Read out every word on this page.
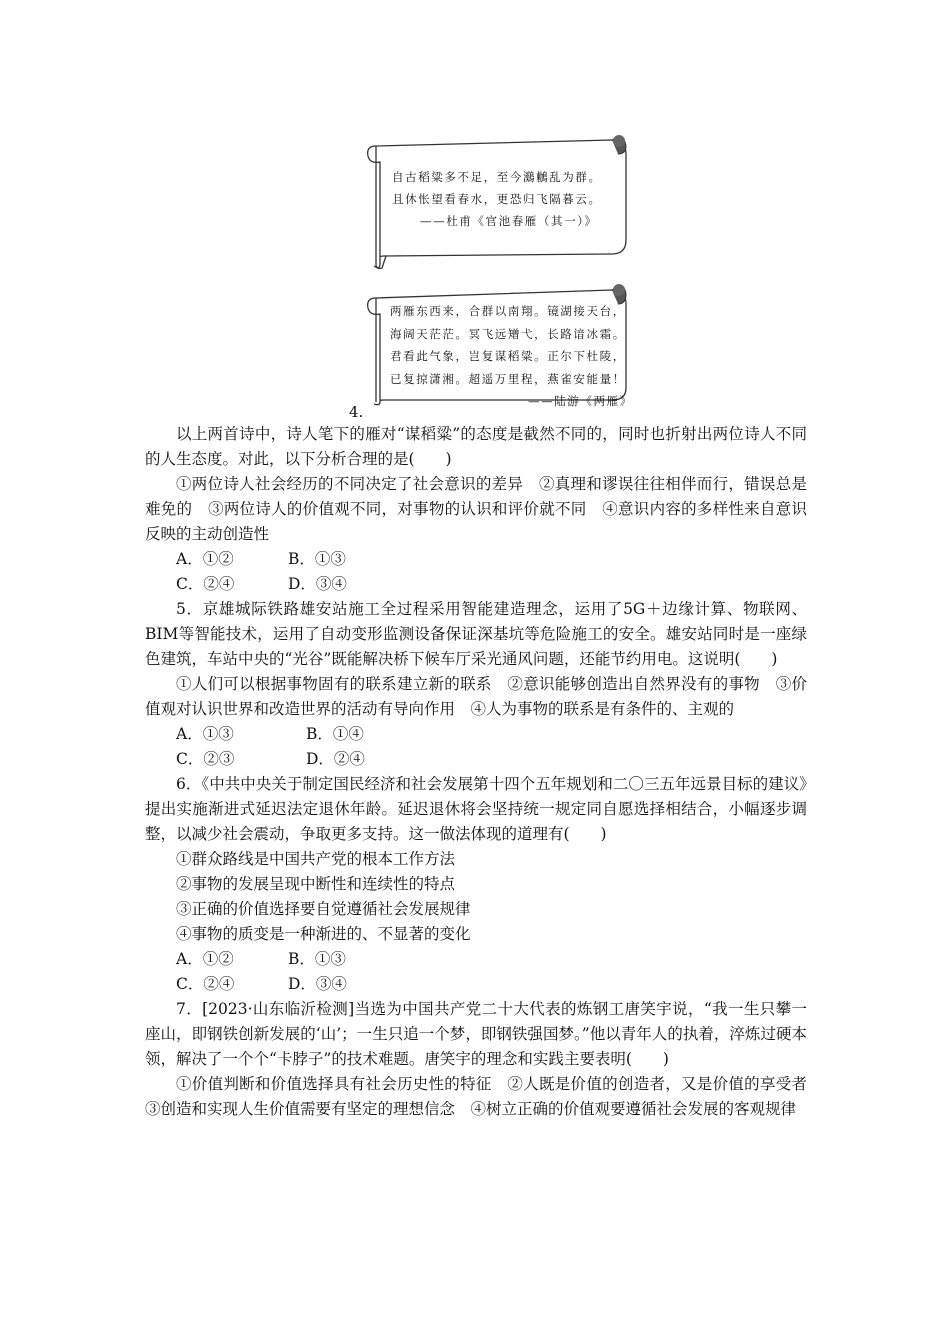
自古稻粱多不足，至今鸂鶒乱为群。
且休怅望看春水，更恐归飞隔暮云。
——杜甫《官池春雁（其一）》
两雁东西来，合群以南翔。镜湖接天台，
海阔天茫茫。冥飞远矰弋，长路谙冰霜。
君看此气象，岂复谋稻粱。正尔下杜陵，
已复掠潇湘。超遥万里程，燕雀安能量！
——陆游《两雁》
4.

以上两首诗中，诗人笔下的雁对“谋稻粱”的态度是截然不同的，同时也折射出两位诗人不同的人生态度。对此，以下分析合理的是(　　)

①两位诗人社会经历的不同决定了社会意识的差异　②真理和谬误往往相伴而行，错误总是难免的　③两位诗人的价值观不同，对事物的认识和评价就不同　④意识内容的多样性来自意识反映的主动创造性

A．①②	B．①③

C．②④	D．③④

5．京雄城际铁路雄安站施工全过程采用智能建造理念，运用了5G＋边缘计算、物联网、BIM等智能技术，运用了自动变形监测设备保证深基坑等危险施工的安全。雄安站同时是一座绿色建筑，车站中央的“光谷”既能解决桥下候车厅采光通风问题，还能节约用电。这说明(　　)

①人们可以根据事物固有的联系建立新的联系　②意识能够创造出自然界没有的事物　③价值观对认识世界和改造世界的活动有导向作用　④人为事物的联系是有条件的、主观的

A．①③	B．①④

C．②③	D．②④

6．《中共中央关于制定国民经济和社会发展第十四个五年规划和二〇三五年远景目标的建议》提出实施渐进式延迟法定退休年龄。延迟退休将会坚持统一规定同自愿选择相结合，小幅逐步调整，以减少社会震动，争取更多支持。这一做法体现的道理有(　　)

①群众路线是中国共产党的根本工作方法

②事物的发展呈现中断性和连续性的特点

③正确的价值选择要自觉遵循社会发展规律

④事物的质变是一种渐进的、不显著的变化

A．①②	B．①③

C．②④	D．③④

7．[2023·山东临沂检测]当选为中国共产党二十大代表的炼钢工唐笑宇说，“我一生只攀一座山，即钢铁创新发展的‘山’；一生只追一个梦，即钢铁强国梦。”他以青年人的执着，淬炼过硬本领，解决了一个个“卡脖子”的技术难题。唐笑宇的理念和实践主要表明(　　)

①价值判断和价值选择具有社会历史性的特征　②人既是价值的创造者，又是价值的享受者　③创造和实现人生价值需要有坚定的理想信念　④树立正确的价值观要遵循社会发展的客观规律
